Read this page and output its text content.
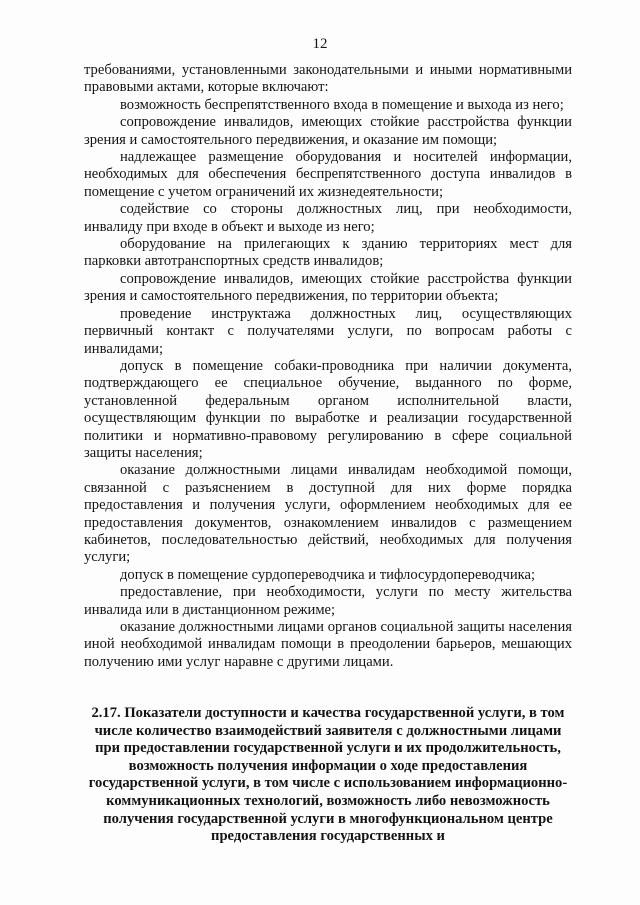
12

требованиями, установленными законодательными и иными нормативными правовыми актами, которые включают:

возможность беспрепятственного входа в помещение и выхода из него;

сопровождение инвалидов, имеющих стойкие расстройства функции зрения и самостоятельного передвижения, и оказание им помощи;

надлежащее размещение оборудования и носителей информации, необходимых для обеспечения беспрепятственного доступа инвалидов в помещение с учетом ограничений их жизнедеятельности;

содействие со стороны должностных лиц, при необходимости, инвалиду при входе в объект и выходе из него;

оборудование на прилегающих к зданию территориях мест для парковки автотранспортных средств инвалидов;

сопровождение инвалидов, имеющих стойкие расстройства функции зрения и самостоятельного передвижения, по территории объекта;

проведение инструктажа должностных лиц, осуществляющих первичный контакт с получателями услуги, по вопросам работы с инвалидами;

допуск в помещение собаки-проводника при наличии документа, подтверждающего ее специальное обучение, выданного по форме, установленной федеральным органом исполнительной власти, осуществляющим функции по выработке и реализации государственной политики и нормативно-правовому регулированию в сфере социальной защиты населения;

оказание должностными лицами инвалидам необходимой помощи, связанной с разъяснением в доступной для них форме порядка предоставления и получения услуги, оформлением необходимых для ее предоставления документов, ознакомлением инвалидов с размещением кабинетов, последовательностью действий, необходимых для получения услуги;

допуск в помещение сурдопереводчика и тифлосурдопереводчика;

предоставление, при необходимости, услуги по месту жительства инвалида или в дистанционном режиме;

оказание должностными лицами органов социальной защиты населения иной необходимой инвалидам помощи в преодолении барьеров, мешающих получению ими услуг наравне с другими лицами.

2.17. Показатели доступности и качества государственной услуги, в том числе количество взаимодействий заявителя с должностными лицами при предоставлении государственной услуги и их продолжительность, возможность получения информации о ходе предоставления государственной услуги, в том числе с использованием информационно-коммуникационных технологий, возможность либо невозможность получения государственной услуги в многофункциональном центре предоставления государственных и
